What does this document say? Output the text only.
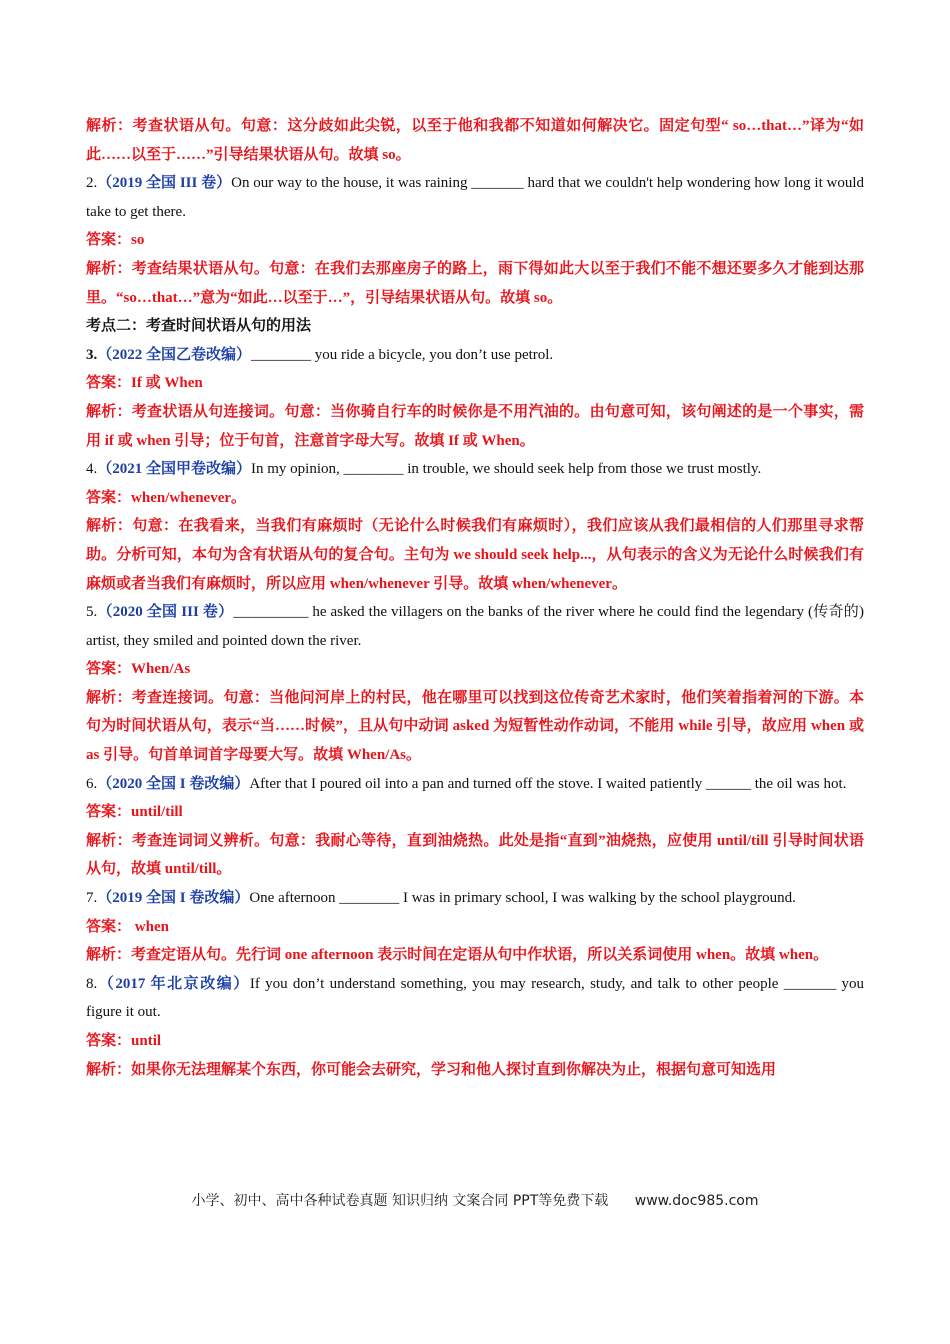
解析：考查状语从句。句意：这分歧如此尖锐，以至于他和我都不知道如何解决它。固定句型“ so…that…”译为“如此……以至于……”引导结果状语从句。故填 so。

2.（2019 全国 III 卷）On our way to the house, it was raining _______ hard that we couldn't help wondering how long it would take to get there.

答案：so

解析：考查结果状语从句。句意：在我们去那座房子的路上，雨下得如此大以至于我们不能不想还要多久才能到达那里。“so…that…”意为“如此…以至于…”，引导结果状语从句。故填 so。

考点二：考查时间状语从句的用法

3.（2022 全国乙卷改编）________ you ride a bicycle, you don’t use petrol.

答案：If 或 When

解析：考查状语从句连接词。句意：当你骑自行车的时候你是不用汽油的。由句意可知，该句阐述的是一个事实，需用 if 或 when 引导；位于句首，注意首字母大写。故填 If 或 When。

4.（2021 全国甲卷改编）In my opinion, ________ in trouble, we should seek help from those we trust mostly.

答案：when/whenever。

解析：句意：在我看来，当我们有麻烦时（无论什么时候我们有麻烦时），我们应该从我们最相信的人们那里寻求帮助。分析可知，本句为含有状语从句的复合句。主句为 we should seek help...，从句表示的含义为无论什么时候我们有麻烦或者当我们有麻烦时，所以应用 when/whenever 引导。故填 when/whenever。

5.（2020 全国 III 卷）__________ he asked the villagers on the banks of the river where he could find the legendary (传奇的) artist, they smiled and pointed down the river.

答案：When/As

解析：考查连接词。句意：当他问河岸上的村民，他在哪里可以找到这位传奇艺术家时，他们笑着指着河的下游。本句为时间状语从句，表示“当……时候”，且从句中动词 asked 为短暂性动作动词，不能用 while 引导，故应用 when 或 as 引导。句首单词首字母要大写。故填 When/As。

6.（2020 全国 I 卷改编）After that I poured oil into a pan and turned off the stove. I waited patiently ______ the oil was hot.

答案：until/till

解析：考查连词词义辨析。句意：我耐心等待，直到油烧热。此处是指“直到”油烧热，应使用 until/till 引导时间状语从句，故填 until/till。

7.（2019 全国 I 卷改编）One afternoon ________ I was in primary school, I was walking by the school playground.

答案： when

解析：考查定语从句。先行词 one afternoon 表示时间在定语从句中作状语，所以关系词使用 when。故填 when。

8.（2017 年北京改编）If you don’t understand something, you may research, study, and talk to other people _______ you figure it out.

答案：until

解析：如果你无法理解某个东西，你可能会去研究，学习和他人探讨直到你解决为止，根据句意可知选用

小学、初中、高中各种试卷真题 知识归纳 文案合同 PPT等免费下载 www.doc985.com
